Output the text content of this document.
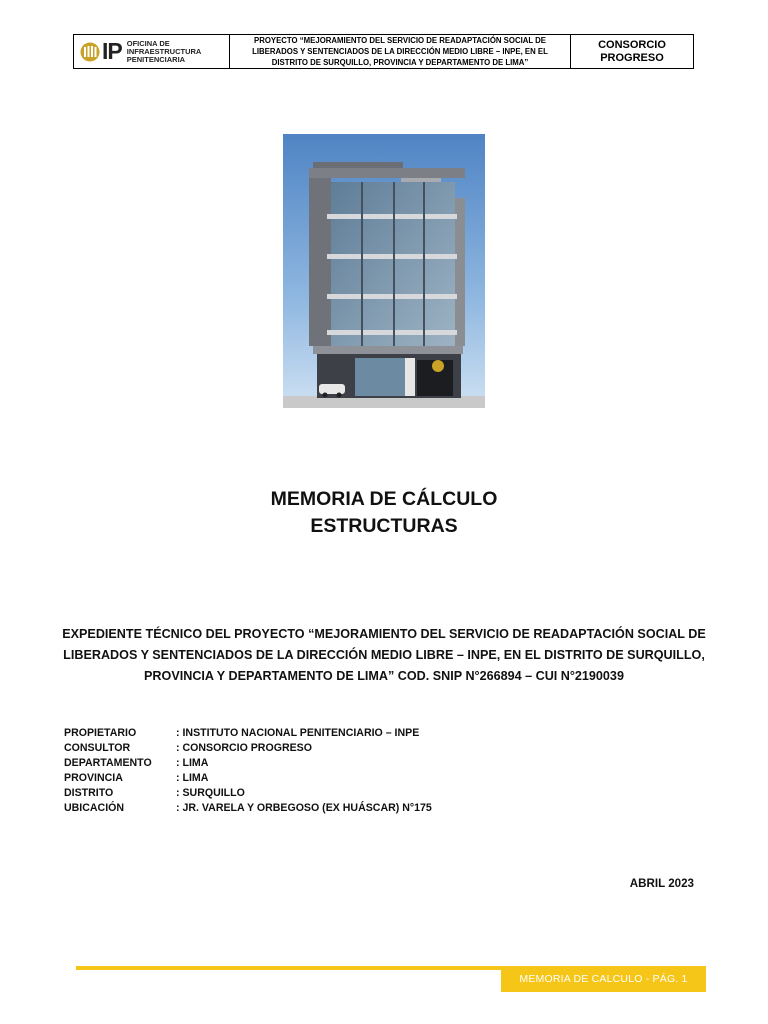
IP OFICINA DE
INFRAESTRUCTURA
PENITENCIARIA
PROYECTO “MEJORAMIENTO DEL SERVICIO DE READAPTACIÓN SOCIAL DE LIBERADOS Y SENTENCIADOS DE LA DIRECCIÓN MEDIO LIBRE – INPE, EN EL DISTRITO DE SURQUILLO, PROVINCIA Y DEPARTAMENTO DE LIMA”
CONSORCIO
PROGRESO
MEMORIA DE CÁLCULO
ESTRUCTURAS
EXPEDIENTE TÉCNICO DEL PROYECTO “MEJORAMIENTO DEL SERVICIO DE READAPTACIÓN SOCIAL DE LIBERADOS Y SENTENCIADOS DE LA DIRECCIÓN MEDIO LIBRE – INPE, EN EL DISTRITO DE SURQUILLO, PROVINCIA Y DEPARTAMENTO DE LIMA” COD. SNIP N°266894 – CUI N°2190039
PROPIETARIO	: INSTITUTO NACIONAL PENITENCIARIO – INPE
CONSULTOR	: CONSORCIO PROGRESO
DEPARTAMENTO	: LIMA
PROVINCIA	: LIMA
DISTRITO	: SURQUILLO
UBICACIÓN	: JR. VARELA Y ORBEGOSO (EX HUÁSCAR) N°175
ABRIL 2023
MEMORIA DE CALCULO - PÁG. 1
